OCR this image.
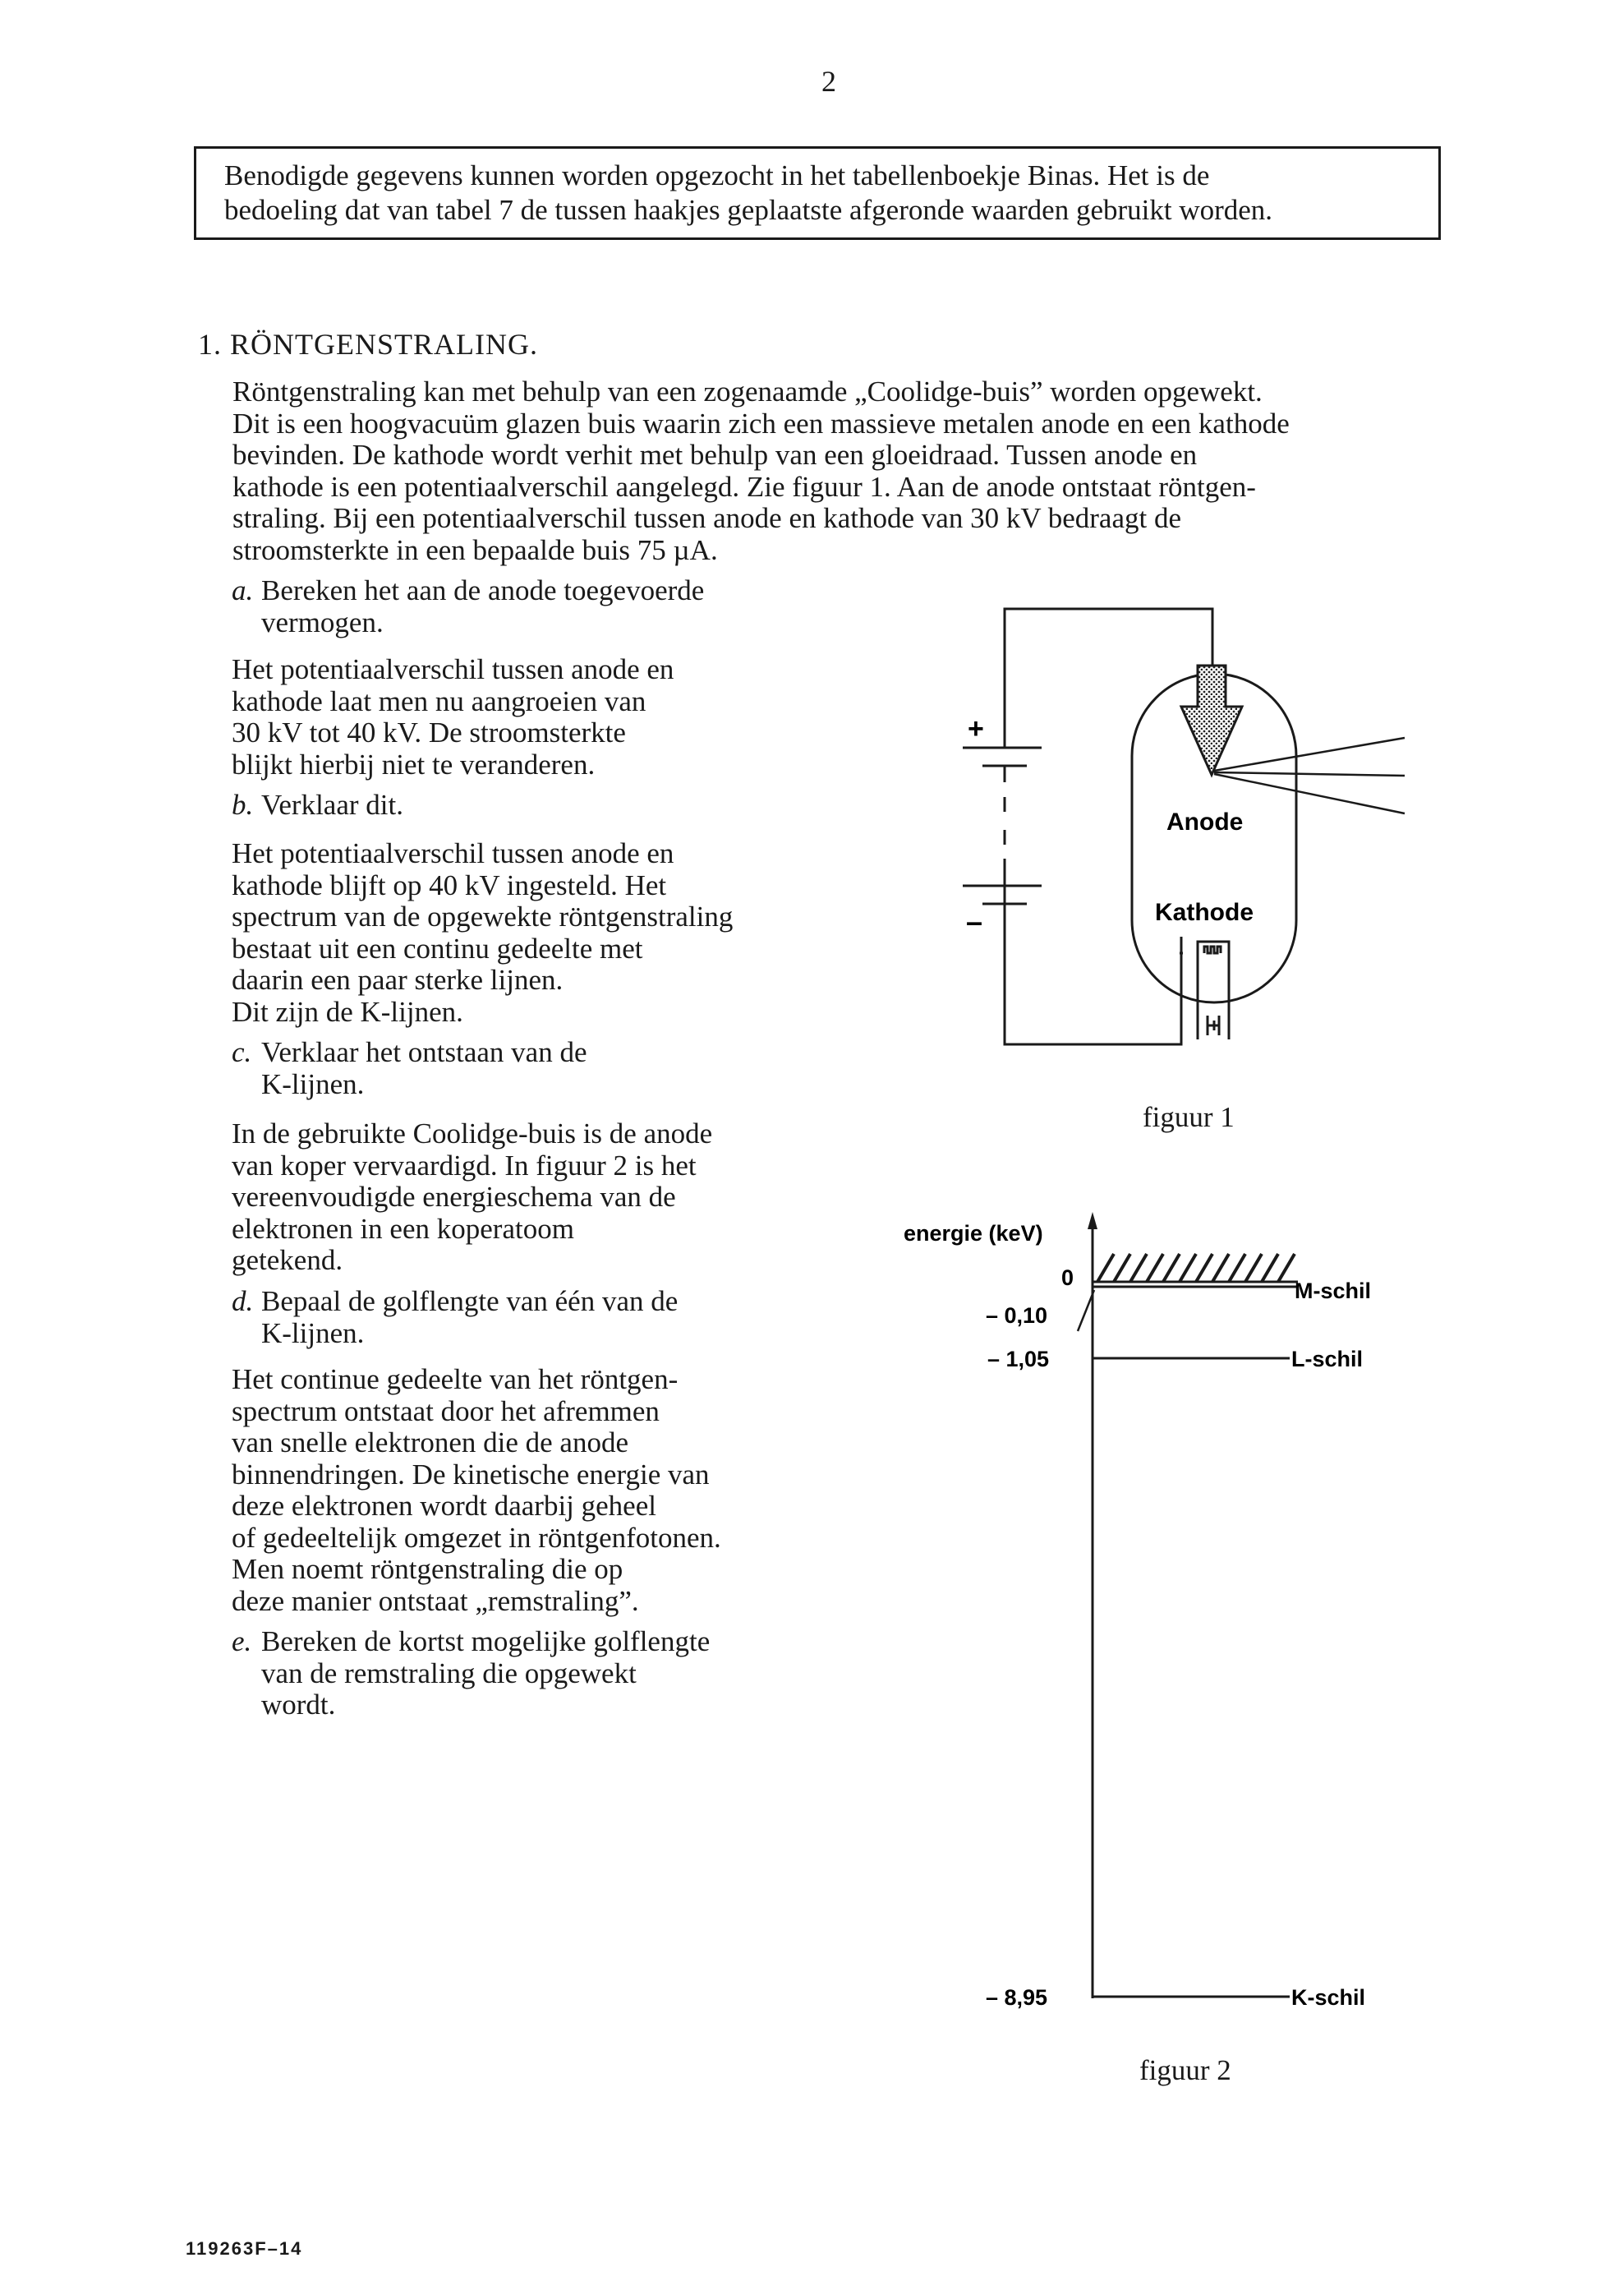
2
Benodigde gegevens kunnen worden opgezocht in het tabellenboekje Binas. Het is de
bedoeling dat van tabel 7 de tussen haakjes geplaatste afgeronde waarden gebruikt worden.
1. RÖNTGENSTRALING.
Röntgenstraling kan met behulp van een zogenaamde „Coolidge-buis” worden opgewekt.
Dit is een hoogvacuüm glazen buis waarin zich een massieve metalen anode en een kathode
bevinden. De kathode wordt verhit met behulp van een gloeidraad. Tussen anode en
kathode is een potentiaalverschil aangelegd. Zie figuur 1. Aan de anode ontstaat röntgen-
straling. Bij een potentiaalverschil tussen anode en kathode van 30 kV bedraagt de
stroomsterkte in een bepaalde buis 75 µA.
a. Bereken het aan de anode toegevoerde
vermogen.
Het potentiaalverschil tussen anode en
kathode laat men nu aangroeien van
30 kV tot 40 kV. De stroomsterkte
blijkt hierbij niet te veranderen.
b. Verklaar dit.
Het potentiaalverschil tussen anode en
kathode blijft op 40 kV ingesteld. Het
spectrum van de opgewekte röntgenstraling
bestaat uit een continu gedeelte met
daarin een paar sterke lijnen.
Dit zijn de K-lijnen.
c. Verklaar het ontstaan van de
K-lijnen.
In de gebruikte Coolidge-buis is de anode
van koper vervaardigd. In figuur 2 is het
vereenvoudigde energieschema van de
elektronen in een koperatoom
getekend.
d. Bepaal de golflengte van één van de
K-lijnen.
Het continue gedeelte van het röntgen-
spectrum ontstaat door het afremmen
van snelle elektronen die de anode
binnendringen. De kinetische energie van
deze elektronen wordt daarbij geheel
of gedeeltelijk omgezet in röntgenfotonen.
Men noemt röntgenstraling die op
deze manier ontstaat „remstraling”.
e. Bereken de kortst mogelijke golflengte
van de remstraling die opgewekt
wordt.
+
–
Anode
Kathode
figuur 1
energie (keV)
0
– 0,10
– 1,05
– 8,95
M-schil
L-schil
K-schil
figuur 2
119263F–14
